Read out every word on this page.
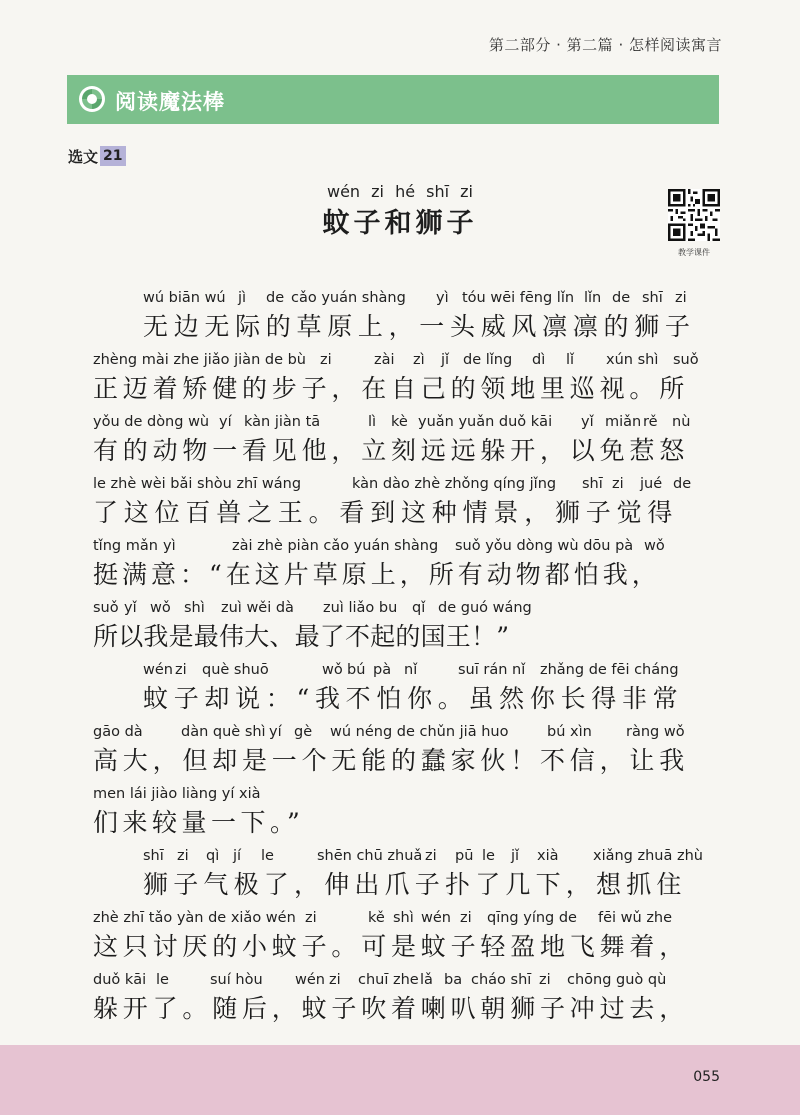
第二部分 · 第二篇 · 怎样阅读寓言
阅读魔法棒
选文 21
wén zi hé shī zi
蚊子和狮子
教学课件
wú biān wú jì de cǎo yuán shàng yì tóu wēi fēng lǐn lǐn de shī zi
无边无际的草原上，一头威风凛凛的狮子
zhèng mài zhe jiǎo jiàn de bù zi	zài zì jǐ de lǐng dì lǐ xún shì suǒ
正迈着矫健的步子，在自己的领地里巡视。所
yǒu de dòng wù yí kàn jiàn tā	lì kè yuǎn yuǎn duǒ kāi yǐ miǎn rě nù
有的动物一看见他，立刻远远躲开，以免惹怒
le zhè wèi bǎi shòu zhī wáng	kàn dào zhè zhǒng qíng jǐng shī zi jué de
了这位百兽之王。看到这种情景，狮子觉得
tǐng mǎn yì	zài zhè piàn cǎo yuán shàng suǒ yǒu dòng wù dōu pà wǒ
挺满意：“在这片草原上，所有动物都怕我，
suǒ yǐ wǒ shì zuì wěi dà zuì liǎo bu qǐ de guó wáng
所以我是最伟大、最了不起的国王！”
wén zi què shuō	wǒ bú pà nǐ	suī rán nǐ zhǎng de fēi cháng
蚊子却说：“我不怕你。虽然你长得非常
gāo dà	dàn què shì yí gè wú néng de chǔn jiā huo	bú xìn ràng wǒ
高大，但却是一个无能的蠢家伙！不信，让我
men lái jiào liàng yí xià
们来较量一下。”
shī zi qì jí le	shēn chū zhuǎ zi pū le jǐ xià xiǎng zhuā zhù
狮子气极了，伸出爪子扑了几下，想抓住
zhè zhī tǎo yàn de xiǎo wén zi	kě shì wén zi qīng yíng de fēi wǔ zhe
这只讨厌的小蚊子。可是蚊子轻盈地飞舞着，
duǒ kāi le	suí hòu wén zi chuī zhe lǎ ba cháo shī zi chōng guò qù
躲开了。随后，蚊子吹着喇叭朝狮子冲过去，
055
